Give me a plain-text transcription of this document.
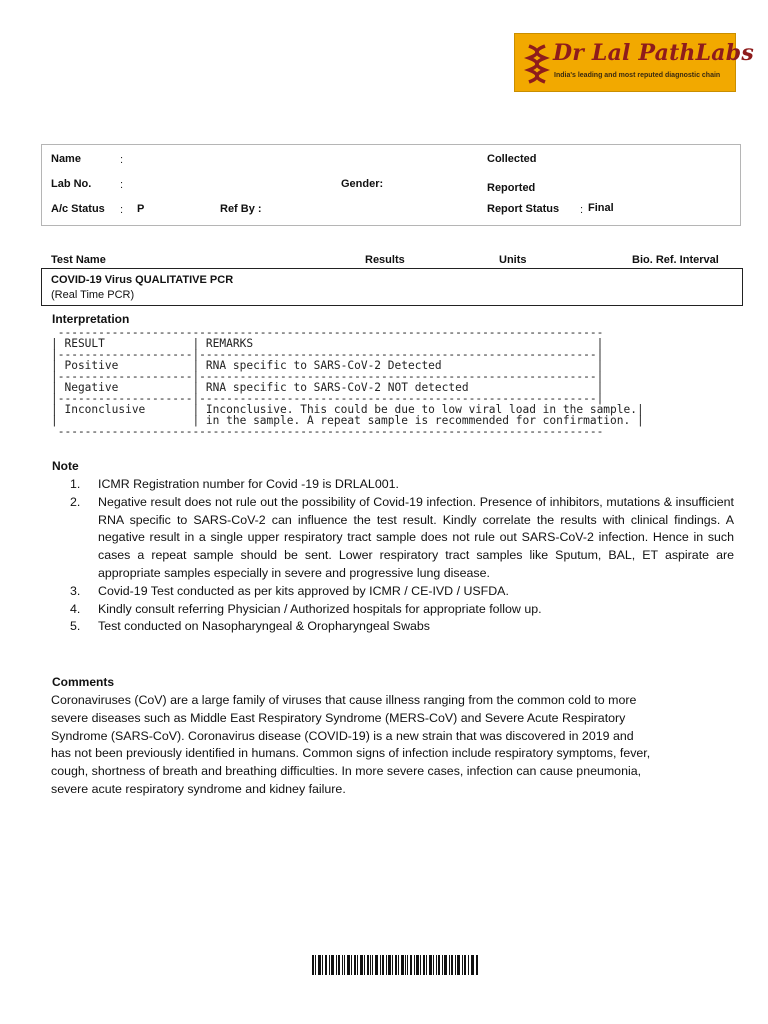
Dr Lal PathLabs
India's leading and most reputed diagnostic chain
Name	:
Lab No.	:
A/c Status : P	Ref By :
Gender:
Collected
Reported
Report Status : Final
Test Name	Results	Units	Bio. Ref. Interval
COVID-19 Virus QUALITATIVE PCR
(Real Time PCR)
Interpretation
---------------------------------------------------------------------------------
| RESULT             | REMARKS                                                   |
|--------------------|-----------------------------------------------------------|
| Positive           | RNA specific to SARS-CoV-2 Detected                       |
|--------------------|-----------------------------------------------------------|
| Negative           | RNA specific to SARS-CoV-2 NOT detected                   |
|--------------------|-----------------------------------------------------------|
| Inconclusive       | Inconclusive. This could be due to low viral load in the sample.|
|                    | in the sample. A repeat sample is recommended for confirmation. |
---------------------------------------------------------------------------------
Note
1. ICMR Registration number for Covid -19 is DRLAL001.
2. Negative result does not rule out the possibility of Covid-19 infection. Presence of inhibitors, mutations & insufficient RNA specific to SARS-CoV-2 can influence the test result. Kindly correlate the results with clinical findings. A negative result in a single upper respiratory tract sample does not rule out SARS-CoV-2 infection. Hence in such cases a repeat sample should be sent. Lower respiratory tract samples like Sputum, BAL, ET aspirate are appropriate samples especially in severe and progressive lung disease.
3. Covid-19 Test conducted as per kits approved by ICMR / CE-IVD / USFDA.
4. Kindly consult referring Physician / Authorized hospitals for appropriate follow up.
5. Test conducted on Nasopharyngeal & Oropharyngeal Swabs
Comments
Coronaviruses (CoV) are a large family of viruses that cause illness ranging from the common cold to more severe diseases such as Middle East Respiratory Syndrome (MERS-CoV) and Severe Acute Respiratory Syndrome (SARS-CoV). Coronavirus disease (COVID-19) is a new strain that was discovered in 2019 and has not been previously identified in humans. Common signs of infection include respiratory symptoms, fever, cough, shortness of breath and breathing difficulties. In more severe cases, infection can cause pneumonia, severe acute respiratory syndrome and kidney failure.
